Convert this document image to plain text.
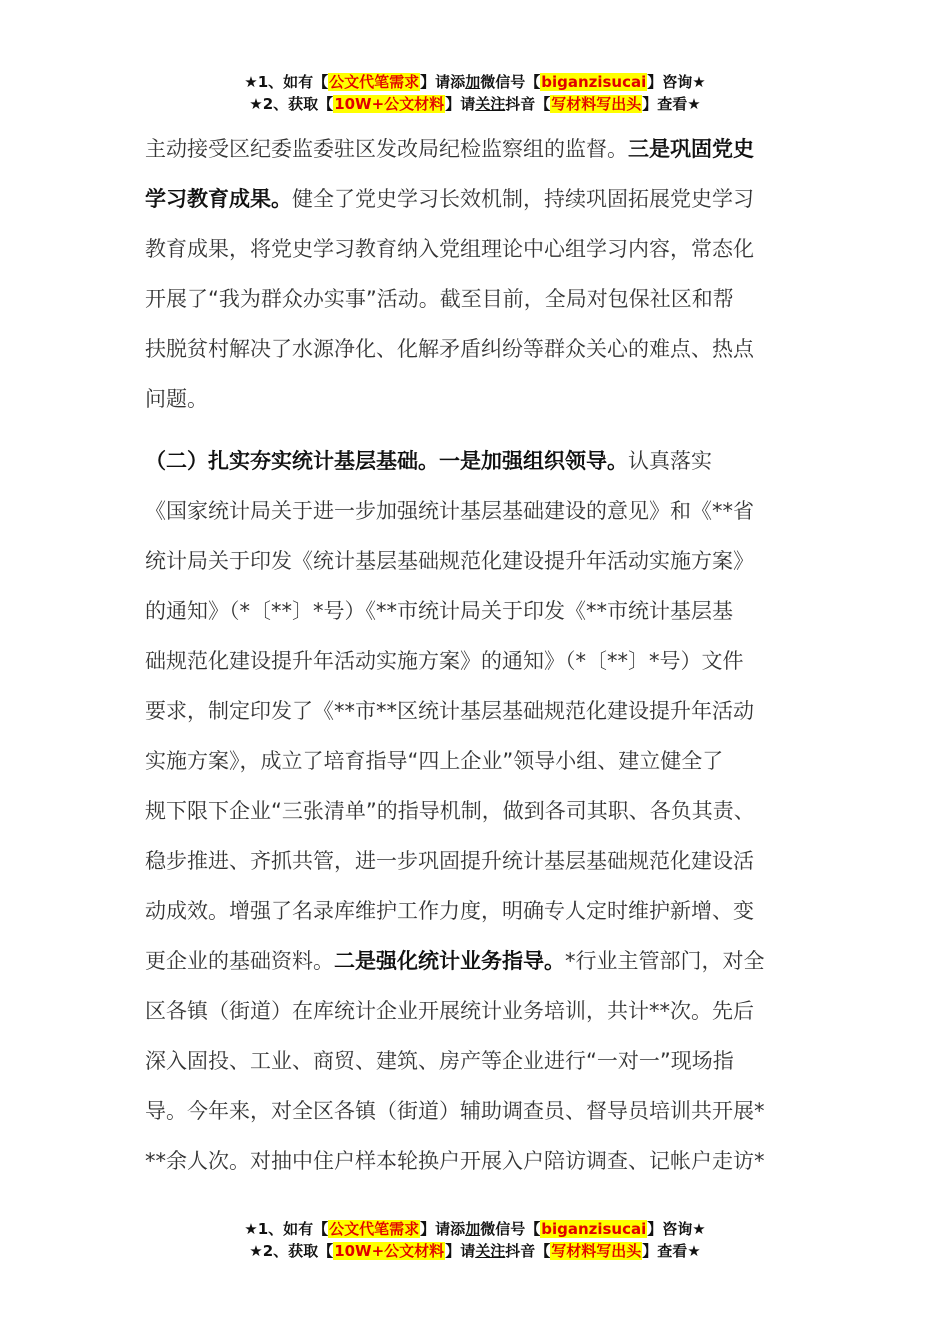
★1、如有【公文代笔需求】请添加微信号【biganzisucai】咨询★
★2、获取【10W+公文材料】请关注抖音【写材料写出头】查看★
主动接受区纪委监委驻区发改局纪检监察组的监督。三是巩固党史
学习教育成果。健全了党史学习长效机制，持续巩固拓展党史学习
教育成果，将党史学习教育纳入党组理论中心组学习内容，常态化
开展了“我为群众办实事”活动。截至目前，全局对包保社区和帮
扶脱贫村解决了水源净化、化解矛盾纠纷等群众关心的难点、热点
问题。
（二）扎实夯实统计基层基础。一是加强组织领导。认真落实
《国家统计局关于进一步加强统计基层基础建设的意见》和《**省
统计局关于印发《统计基层基础规范化建设提升年活动实施方案》
的通知》（*〔**〕*号）《**市统计局关于印发《**市统计基层基
础规范化建设提升年活动实施方案》的通知》（*〔**〕*号）文件
要求，制定印发了《**市**区统计基层基础规范化建设提升年活动
实施方案》，成立了培育指导“四上企业”领导小组、建立健全了
规下限下企业“三张清单”的指导机制，做到各司其职、各负其责、
稳步推进、齐抓共管，进一步巩固提升统计基层基础规范化建设活
动成效。增强了名录库维护工作力度，明确专人定时维护新增、变
更企业的基础资料。二是强化统计业务指导。*行业主管部门，对全
区各镇（街道）在库统计企业开展统计业务培训，共计**次。先后
深入固投、工业、商贸、建筑、房产等企业进行“一对一”现场指
导。今年来，对全区各镇（街道）辅助调查员、督导员培训共开展*
**余人次。对抽中住户样本轮换户开展入户陪访调查、记帐户走访*
★1、如有【公文代笔需求】请添加微信号【biganzisucai】咨询★
★2、获取【10W+公文材料】请关注抖音【写材料写出头】查看★
